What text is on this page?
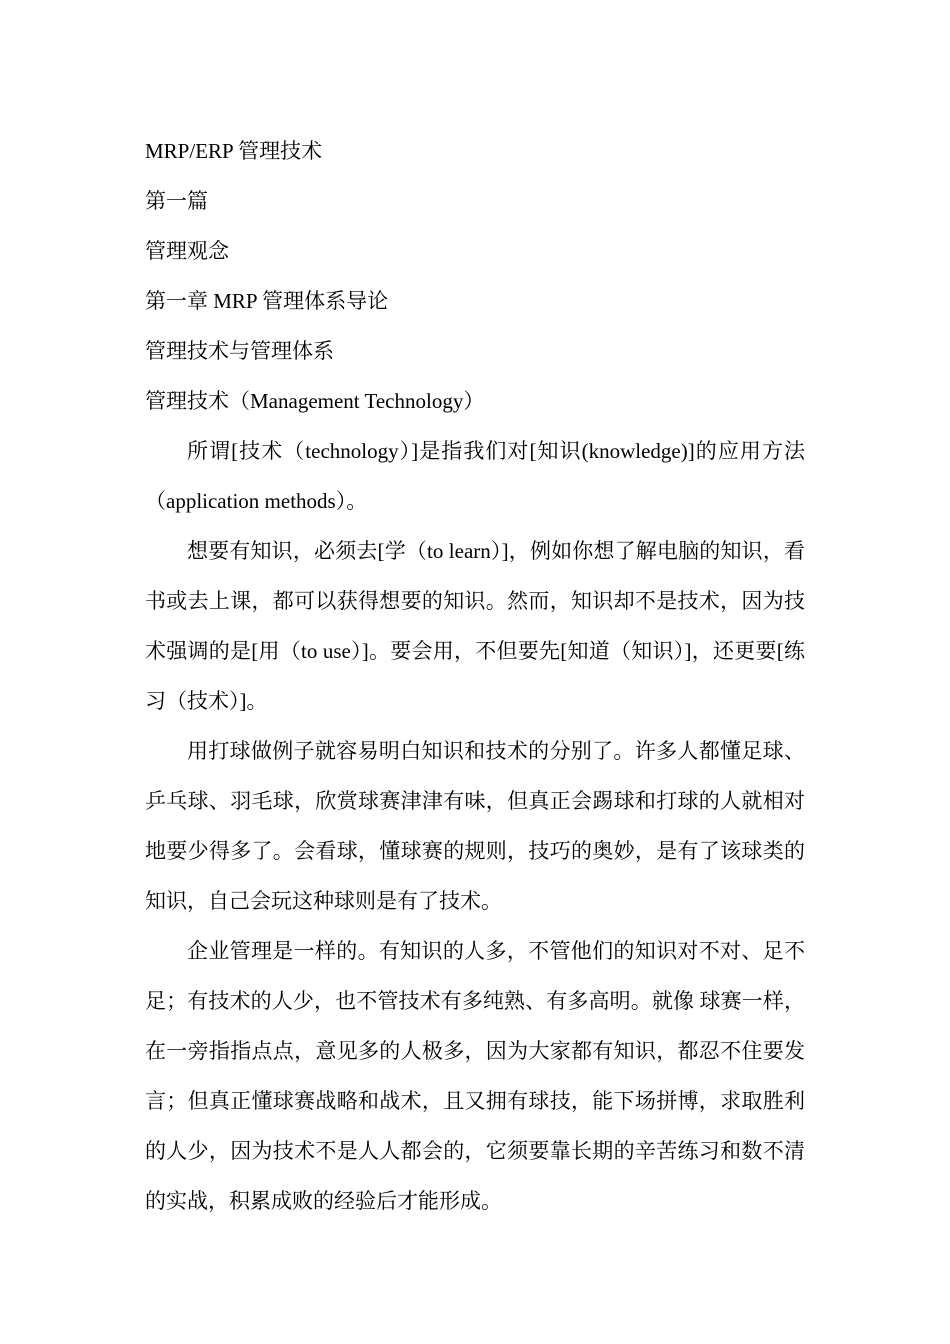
MRP/ERP 管理技术

第一篇

管理观念

第一章 MRP 管理体系导论

管理技术与管理体系

管理技术（Management Technology）

所谓[技术（technology）]是指我们对[知识(knowledge)]的应用方法（application methods）。

想要有知识，必须去[学（to learn）]，例如你想了解电脑的知识，看书或去上课，都可以获得想要的知识。然而，知识却不是技术，因为技术强调的是[用（to use）]。要会用，不但要先[知道（知识）]，还更要[练习（技术）]。

用打球做例子就容易明白知识和技术的分别了。许多人都懂足球、乒乓球、羽毛球，欣赏球赛津津有味，但真正会踢球和打球的人就相对地要少得多了。会看球，懂球赛的规则，技巧的奥妙，是有了该球类的知识，自己会玩这种球则是有了技术。

企业管理是一样的。有知识的人多，不管他们的知识对不对、足不足；有技术的人少，也不管技术有多纯熟、有多高明。就像 球赛一样，在一旁指指点点，意见多的人极多，因为大家都有知识，都忍不住要发言；但真正懂球赛战略和战术，且又拥有球技，能下场拼博，求取胜利的人少，因为技术不是人人都会的，它须要靠长期的辛苦练习和数不清的实战，积累成败的经验后才能形成。
